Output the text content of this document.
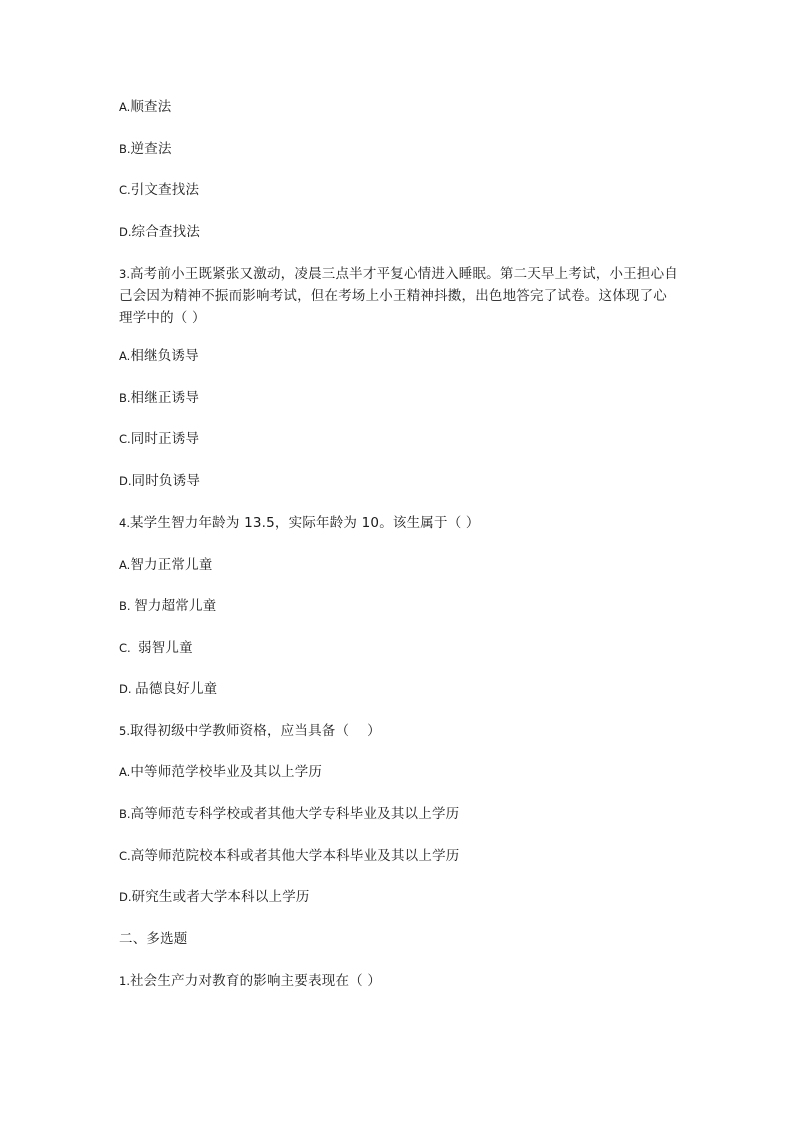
A.顺查法
B.逆查法
C.引文查找法
D.综合查找法
3.高考前小王既紧张又激动，凌晨三点半才平复心情进入睡眠。第二天早上考试，小王担心自己会因为精神不振而影响考试，但在考场上小王精神抖擞，出色地答完了试卷。这体现了心理学中的（ ）
A.相继负诱导
B.相继正诱导
C.同时正诱导
D.同时负诱导
4.某学生智力年龄为 13.5，实际年龄为 10。该生属于（ ）
A.智力正常儿童
B. 智力超常儿童
C.  弱智儿童
D. 品德良好儿童
5.取得初级中学教师资格，应当具备（    ）
A.中等师范学校毕业及其以上学历
B.高等师范专科学校或者其他大学专科毕业及其以上学历
C.高等师范院校本科或者其他大学本科毕业及其以上学历
D.研究生或者大学本科以上学历
二、多选题
1.社会生产力对教育的影响主要表现在（ ）
